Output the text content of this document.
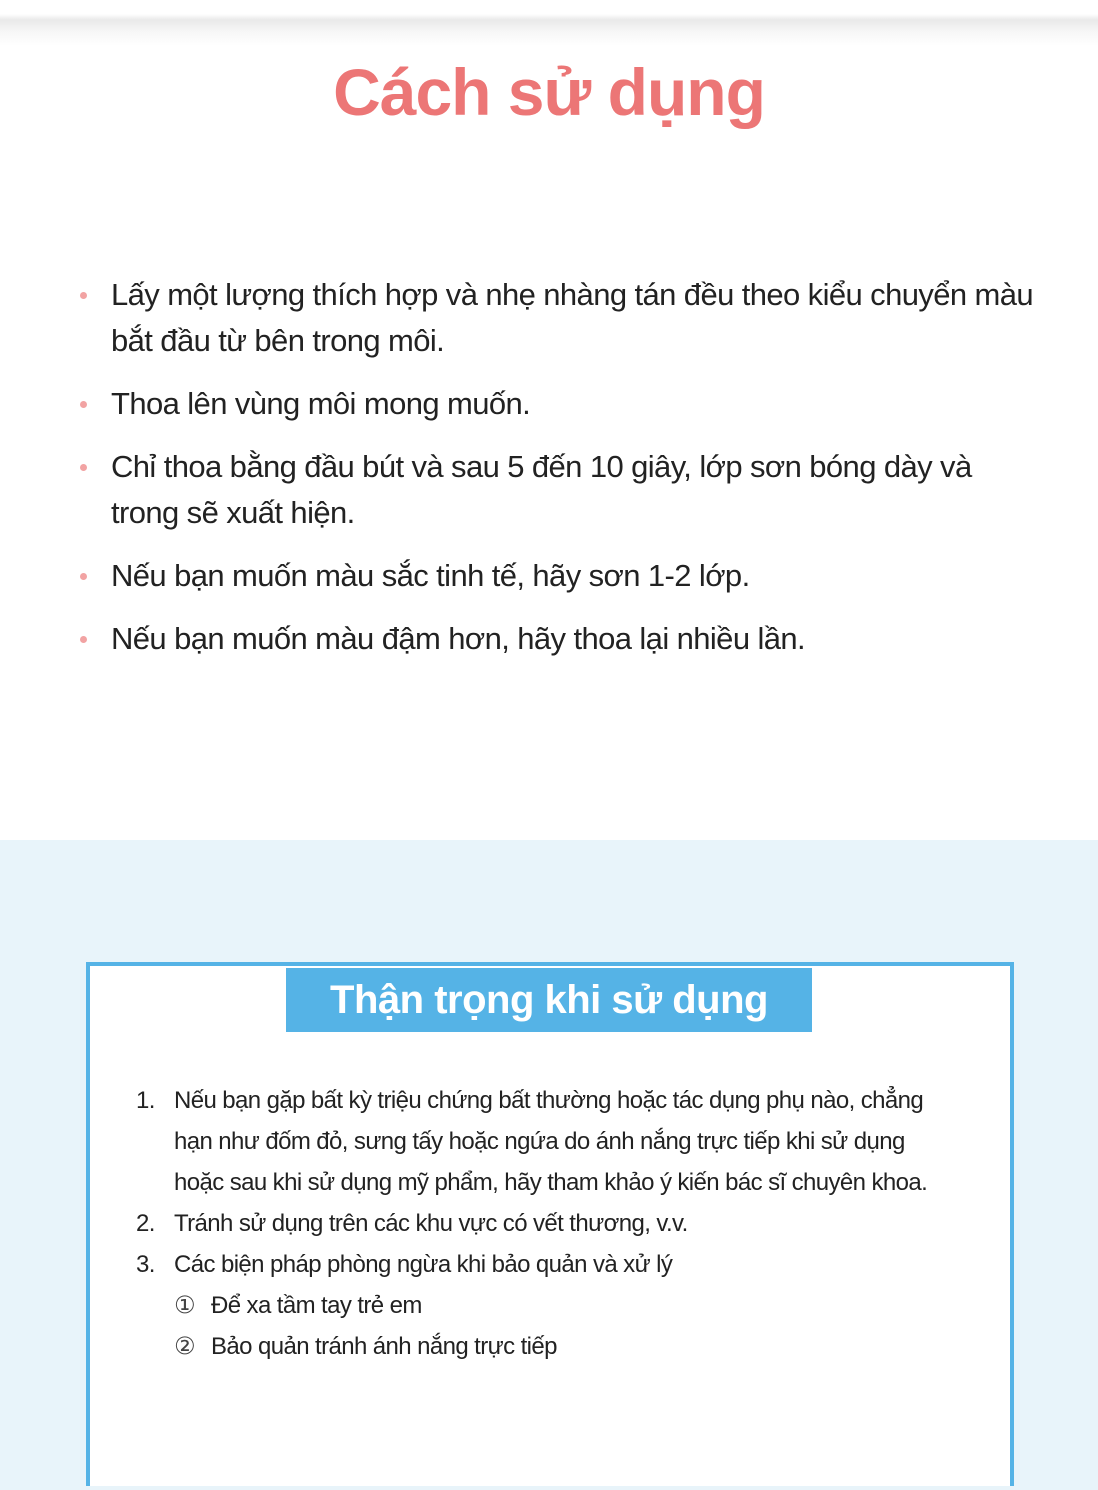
Cách sử dụng
Lấy một lượng thích hợp và nhẹ nhàng tán đều theo kiểu chuyển màu bắt đầu từ bên trong môi.
Thoa lên vùng môi mong muốn.
Chỉ thoa bằng đầu bút và sau 5 đến 10 giây, lớp sơn bóng dày và trong sẽ xuất hiện.
Nếu bạn muốn màu sắc tinh tế, hãy sơn 1-2 lớp.
Nếu bạn muốn màu đậm hơn, hãy thoa lại nhiều lần.
Thận trọng khi sử dụng
1. Nếu bạn gặp bất kỳ triệu chứng bất thường hoặc tác dụng phụ nào, chẳng hạn như đốm đỏ, sưng tấy hoặc ngứa do ánh nắng trực tiếp khi sử dụng hoặc sau khi sử dụng mỹ phẩm, hãy tham khảo ý kiến bác sĩ chuyên khoa.
2. Tránh sử dụng trên các khu vực có vết thương, v.v.
3. Các biện pháp phòng ngừa khi bảo quản và xử lý
① Để xa tầm tay trẻ em
② Bảo quản tránh ánh nắng trực tiếp
